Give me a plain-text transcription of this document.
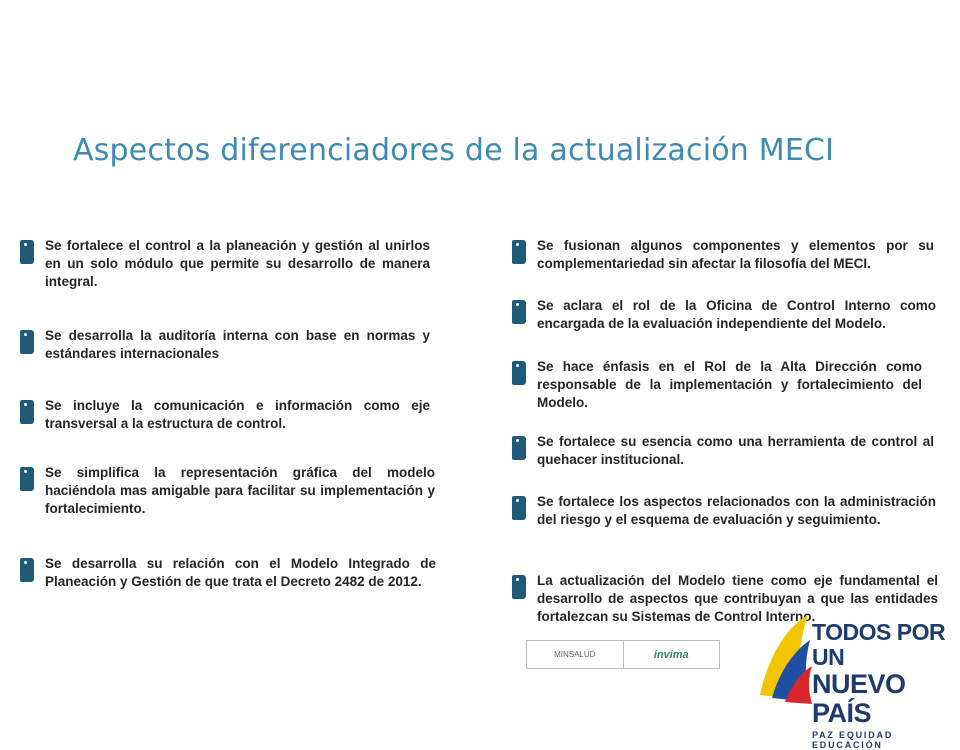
Aspectos diferenciadores de la actualización MECI
Se fortalece el control a la planeación y gestión al unirlos en un solo módulo que permite su desarrollo de manera integral.
Se desarrolla la auditoría interna con base en normas y estándares internacionales
Se incluye la comunicación e información como eje transversal a la estructura de control.
Se simplifica la representación gráfica del modelo haciéndola mas amigable para facilitar su implementación y fortalecimiento.
Se desarrolla su relación con el Modelo Integrado de Planeación y Gestión de que trata el Decreto 2482 de 2012.
Se fusionan algunos componentes y elementos por su complementariedad sin afectar la filosofía del MECI.
Se aclara el rol de la Oficina de Control Interno como encargada de la evaluación independiente del Modelo.
Se hace énfasis en el Rol de la Alta Dirección como responsable de la implementación y fortalecimiento del Modelo.
Se fortalece su esencia como una herramienta de control al quehacer institucional.
Se fortalece los aspectos relacionados con la administración del riesgo y el esquema de evaluación y seguimiento.
La actualización del Modelo tiene como eje fundamental el desarrollo de aspectos que contribuyan a que las entidades fortalezcan su Sistemas de Control Interno.
MINSALUD	invima
TODOS POR UN
NUEVO PAÍS
PAZ EQUIDAD EDUCACIÓN
